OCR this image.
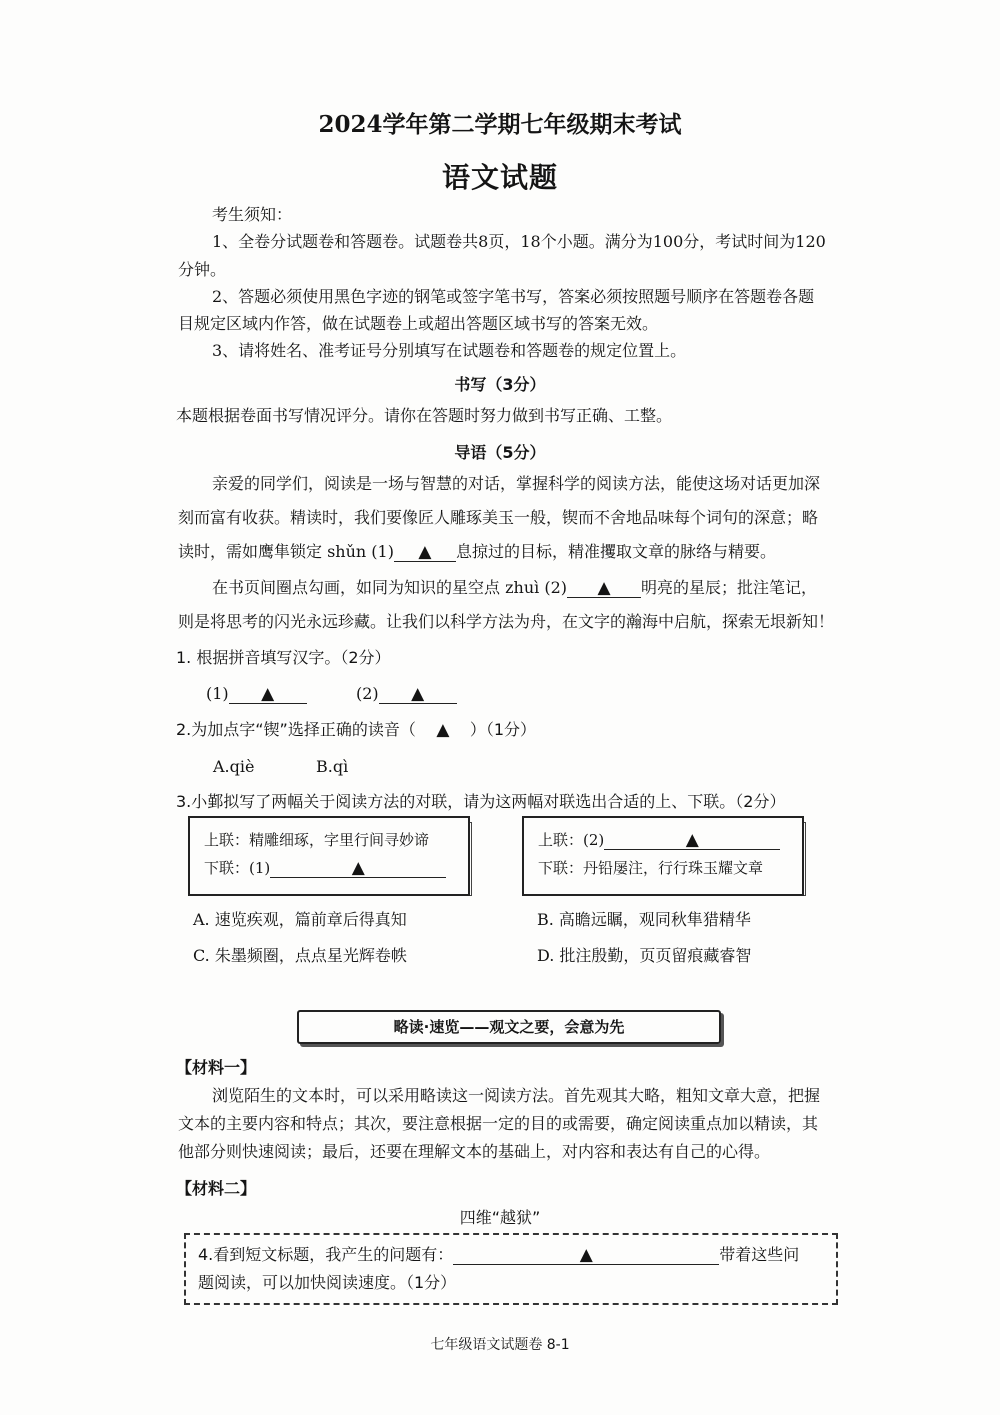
2024学年第二学期七年级期末考试
语文试题
考生须知：
1、全卷分试题卷和答题卷。试题卷共8页，18个小题。满分为100分，考试时间为120
分钟。
2、答题必须使用黑色字迹的钢笔或签字笔书写，答案必须按照题号顺序在答题卷各题
目规定区域内作答，做在试题卷上或超出答题区域书写的答案无效。
3、请将姓名、准考证号分别填写在试题卷和答题卷的规定位置上。
书写（3分）
本题根据卷面书写情况评分。请你在答题时努力做到书写正确、工整。
导语（5分）
亲爱的同学们，阅读是一场与智慧的对话，掌握科学的阅读方法，能使这场对话更加深
刻而富有收获。精读时，我们要像匠人雕琢美玉一般，锲而不舍地品味每个词句的深意；略
读时，需如鹰隼锁定 shǔn (1) ▲ 息掠过的目标，精准攫取文章的脉络与精要。
在书页间圈点勾画，如同为知识的星空点 zhuì (2) ▲ 明亮的星辰；批注笔记，
则是将思考的闪光永远珍藏。让我们以科学方法为舟，在文字的瀚海中启航，探索无垠新知！
1. 根据拼音填写汉字。（2分）
(1) ▲	(2) ▲
2.为加点字“锲”选择正确的读音（ ▲ ）（1分）
A.qiè	B.qì
3.小鄞拟写了两幅关于阅读方法的对联，请为这两幅对联选出合适的上、下联。（2分）
上联：精雕细琢，字里行间寻妙谛
下联：(1)	▲
上联：(2)	▲
下联：丹铅屡注，行行珠玉耀文章
A. 速览疾观，篇前章后得真知	B. 高瞻远瞩，观同秋隼猎精华
C. 朱墨频圈，点点星光辉卷帙	D. 批注殷勤，页页留痕藏睿智
略读·速览——观文之要，会意为先
【材料一】
浏览陌生的文本时，可以采用略读这一阅读方法。首先观其大略，粗知文章大意，把握
文本的主要内容和特点；其次，要注意根据一定的目的或需要，确定阅读重点加以精读，其
他部分则快速阅读；最后，还要在理解文本的基础上，对内容和表达有自己的心得。
【材料二】
四维“越狱”
4.看到短文标题，我产生的问题有：	▲	带着这些问
题阅读，可以加快阅读速度。（1分）
七年级语文试题卷 8-1
